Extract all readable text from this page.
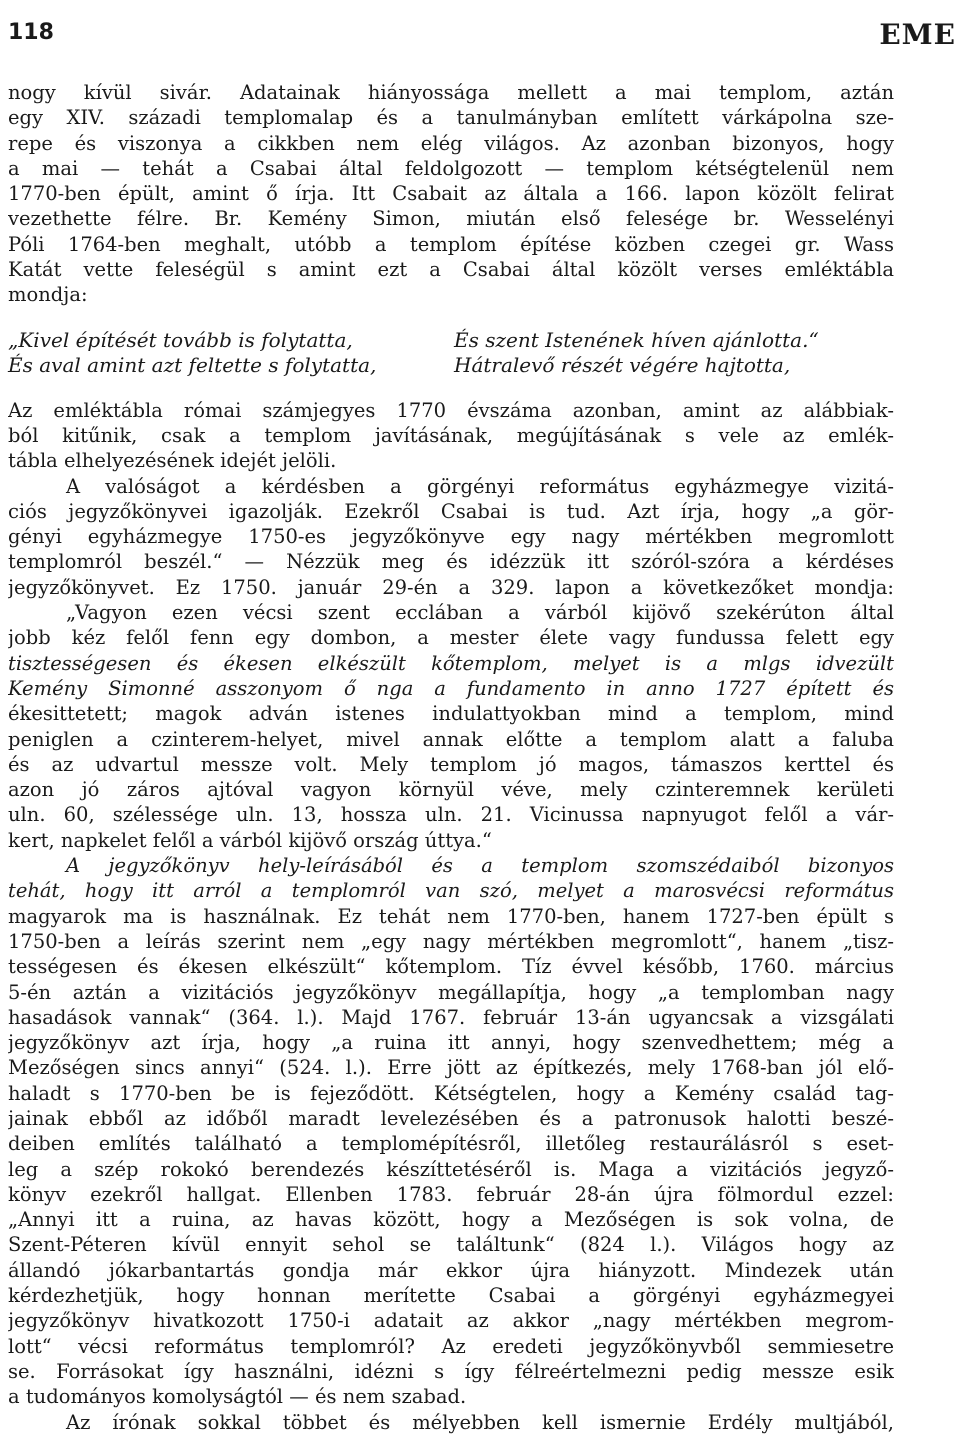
118	EME
nogy kívül sivár. Adatainak hiányossága mellett a mai templom, aztán
egy XIV. századi templomalap és a tanulmányban említett várkápolna sze-
repe és viszonya a cikkben nem elég világos. Az azonban bizonyos, hogy
a mai — tehát a Csabai által feldolgozott — templom kétségtelenül nem
1770-ben épült, amint ő írja. Itt Csabait az általa a 166. lapon közölt felirat
vezethette félre. Br. Kemény Simon, miután első felesége br. Wesselényi
Póli 1764-ben meghalt, utóbb a templom építése közben czegei gr. Wass
Katát vette feleségül s amint ezt a Csabai által közölt verses emléktábla
mondja:
„Kivel építését tovább is folytatta,	És szent Istenének híven ajánlotta.“
És aval amint azt feltette s folytatta,	Hátralevő részét végére hajtotta,
Az emléktábla római számjegyes 1770 évszáma azonban, amint az alábbiak-
ból kitűnik, csak a templom javításának, megújításának s vele az emlék-
tábla elhelyezésének idejét jelöli.
A valóságot a kérdésben a görgényi református egyházmegye vizitá-
ciós jegyzőkönyvei igazolják. Ezekről Csabai is tud. Azt írja, hogy „a gör-
gényi egyházmegye 1750-es jegyzőkönyve egy nagy mértékben megromlott
templomról beszél.“ — Nézzük meg és idézzük itt szóról-szóra a kérdéses
jegyzőkönyvet. Ez 1750. január 29-én a 329. lapon a következőket mondja:
„Vagyon ezen vécsi szent ecclában a várból kijövő szekérúton által
jobb kéz felől fenn egy dombon, a mester élete vagy fundussa felett egy
tisztességesen és ékesen elkészült kőtemplom, melyet is a mlgs idvezült
Kemény Simonné asszonyom ő nga a fundamento in anno 1727 épített és
ékesittetett; magok adván istenes indulattyokban mind a templom, mind
peniglen a czinterem-helyet, mivel annak előtte a templom alatt a faluba
és az udvartul messze volt. Mely templom jó magos, támaszos kerttel és
azon jó záros ajtóval vagyon környül véve, mely czinteremnek kerületi
uln. 60, szélessége uln. 13, hossza uln. 21. Vicinussa napnyugot felől a vár-
kert, napkelet felől a várból kijövő ország úttya.“
A jegyzőkönyv hely-leírásából és a templom szomszédaiból bizonyos
tehát, hogy itt arról a templomról van szó, melyet a marosvécsi református
magyarok ma is használnak. Ez tehát nem 1770-ben, hanem 1727-ben épült s
1750-ben a leírás szerint nem „egy nagy mértékben megromlott“, hanem „tisz-
tességesen és ékesen elkészült“ kőtemplom. Tíz évvel később, 1760. március
5-én aztán a vizitációs jegyzőkönyv megállapítja, hogy „a templomban nagy
hasadások vannak“ (364. l.). Majd 1767. február 13-án ugyancsak a vizsgálati
jegyzőkönyv azt írja, hogy „a ruina itt annyi, hogy szenvedhettem; még a
Mezőségen sincs annyi“ (524. l.). Erre jött az építkezés, mely 1768-ban jól elő-
haladt s 1770-ben be is fejeződött. Kétségtelen, hogy a Kemény család tag-
jainak ebből az időből maradt levelezésében és a patronusok halotti beszé-
deiben említés található a templomépítésről, illetőleg restaurálásról s eset-
leg a szép rokokó berendezés készíttetéséről is. Maga a vizitációs jegyző-
könyv ezekről hallgat. Ellenben 1783. február 28-án újra fölmordul ezzel:
„Annyi itt a ruina, az havas között, hogy a Mezőségen is sok volna, de
Szent-Péteren kívül ennyit sehol se találtunk“ (824 l.). Világos hogy az
állandó jókarbantartás gondja már ekkor újra hiányzott. Mindezek után
kérdezhetjük, hogy honnan merítette Csabai a görgényi egyházmegyei
jegyzőkönyv hivatkozott 1750-i adatait az akkor „nagy mértékben megrom-
lott“ vécsi református templomról? Az eredeti jegyzőkönyvből semmiesetre
se. Forrásokat így használni, idézni s így félreértelmezni pedig messze esik
a tudományos komolyságtól — és nem szabad.
Az írónak sokkal többet és mélyebben kell ismernie Erdély multjából,
